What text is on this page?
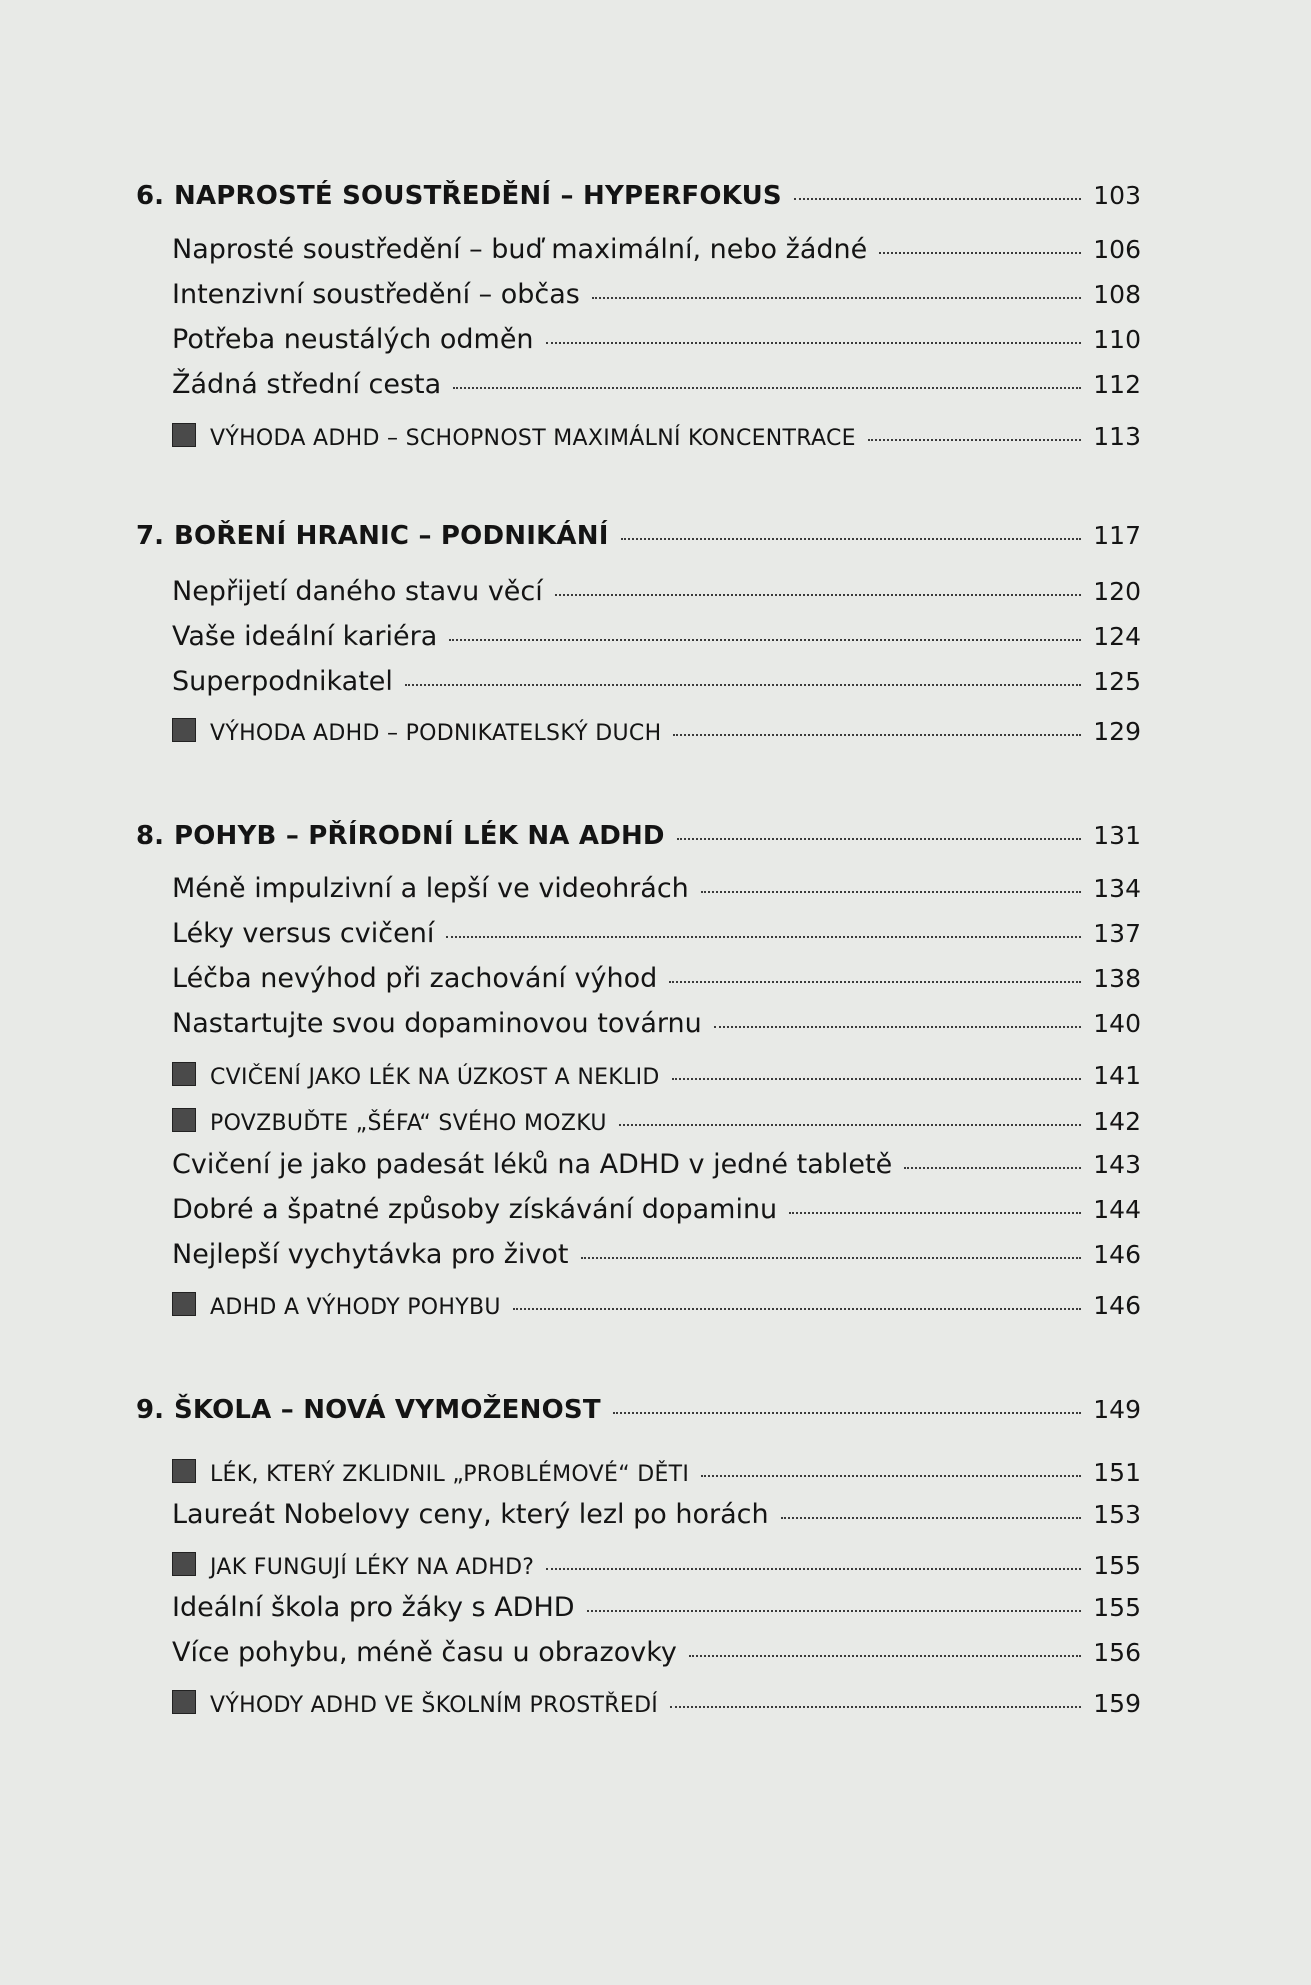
6. NAPROSTÉ SOUSTŘEDĚNÍ – HYPERFOKUS	103
Naprosté soustředění – buď maximální, nebo žádné	106
Intenzivní soustředění – občas	108
Potřeba neustálých odměn	110
Žádná střední cesta	112
VÝHODA ADHD – SCHOPNOST MAXIMÁLNÍ KONCENTRACE	113
7. BOŘENÍ HRANIC – PODNIKÁNÍ	117
Nepřijetí daného stavu věcí	120
Vaše ideální kariéra	124
Superpodnikatel	125
VÝHODA ADHD – PODNIKATELSKÝ DUCH	129
8. POHYB – PŘÍRODNÍ LÉK NA ADHD	131
Méně impulzivní a lepší ve videohrách	134
Léky versus cvičení	137
Léčba nevýhod při zachování výhod	138
Nastartujte svou dopaminovou továrnu	140
CVIČENÍ JAKO LÉK NA ÚZKOST A NEKLID	141
POVZBUĎTE „ŠÉFA“ SVÉHO MOZKU	142
Cvičení je jako padesát léků na ADHD v jedné tabletě	143
Dobré a špatné způsoby získávání dopaminu	144
Nejlepší vychytávka pro život	146
ADHD A VÝHODY POHYBU	146
9. ŠKOLA – NOVÁ VYMOŽENOST	149
LÉK, KTERÝ ZKLIDNIL „PROBLÉMOVÉ“ DĚTI	151
Laureát Nobelovy ceny, který lezl po horách	153
JAK FUNGUJÍ LÉKY NA ADHD?	155
Ideální škola pro žáky s ADHD	155
Více pohybu, méně času u obrazovky	156
VÝHODY ADHD VE ŠKOLNÍM PROSTŘEDÍ	159
